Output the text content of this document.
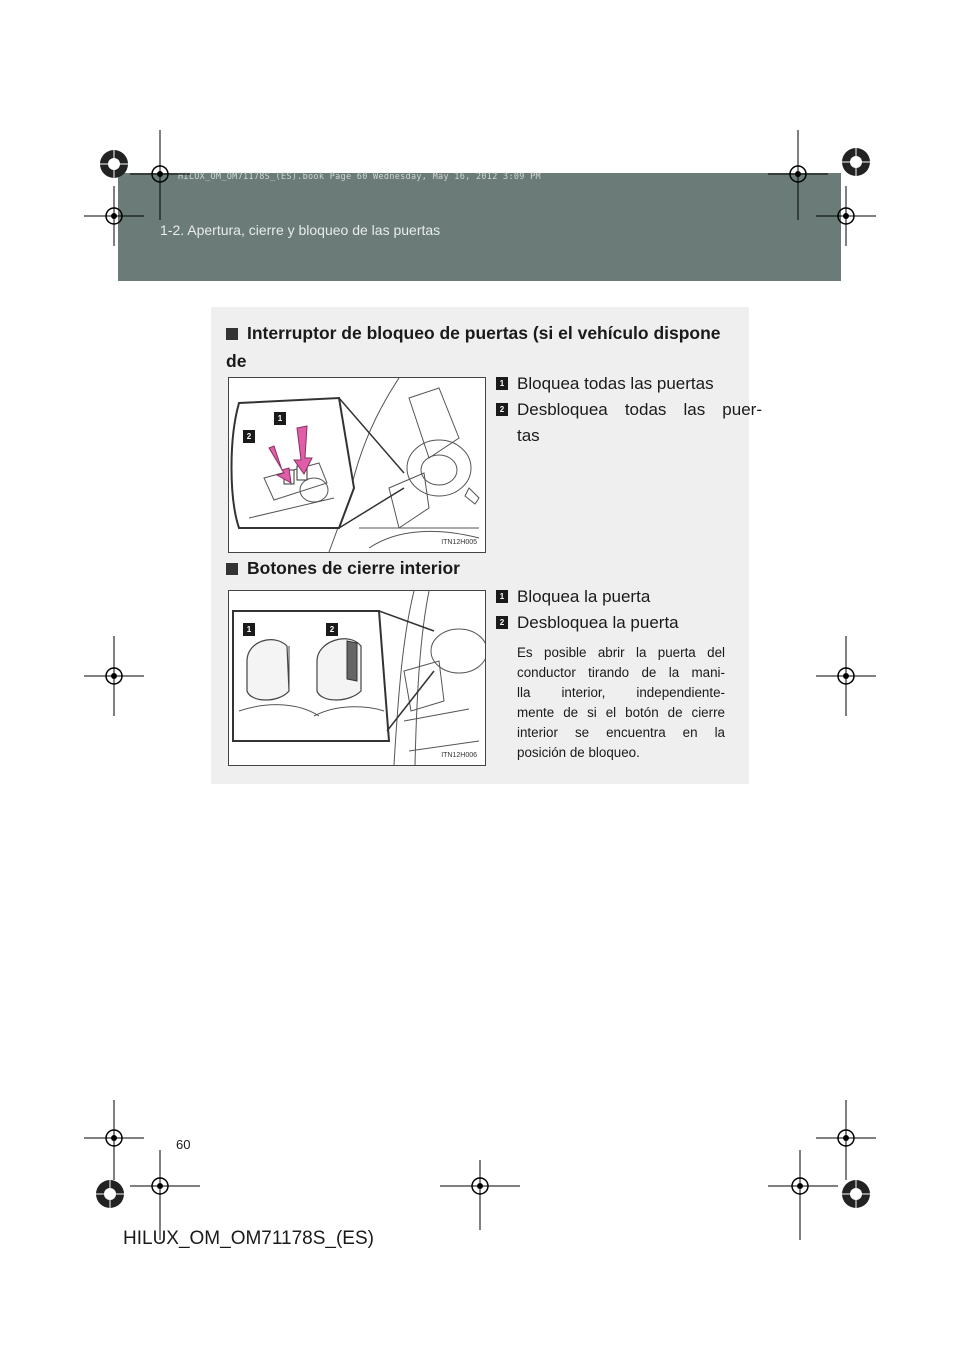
HILUX_OM_OM71178S_(ES).book Page 60 Wednesday, May 16, 2012 3:09 PM
1-2. Apertura, cierre y bloqueo de las puertas
Interruptor de bloqueo de puertas (si el vehículo dispone de
1
2
ITN12H005
1 Bloquea todas las puertas
2 Desbloquea todas las puer-
tas
Botones de cierre interior
1	2
ITN12H006
1 Bloquea la puerta
2 Desbloquea la puerta
Es posible abrir la puerta del
conductor tirando de la mani-
lla interior, independiente-
mente de si el botón de cierre
interior se encuentra en la
posición de bloqueo.
60
HILUX_OM_OM71178S_(ES)
